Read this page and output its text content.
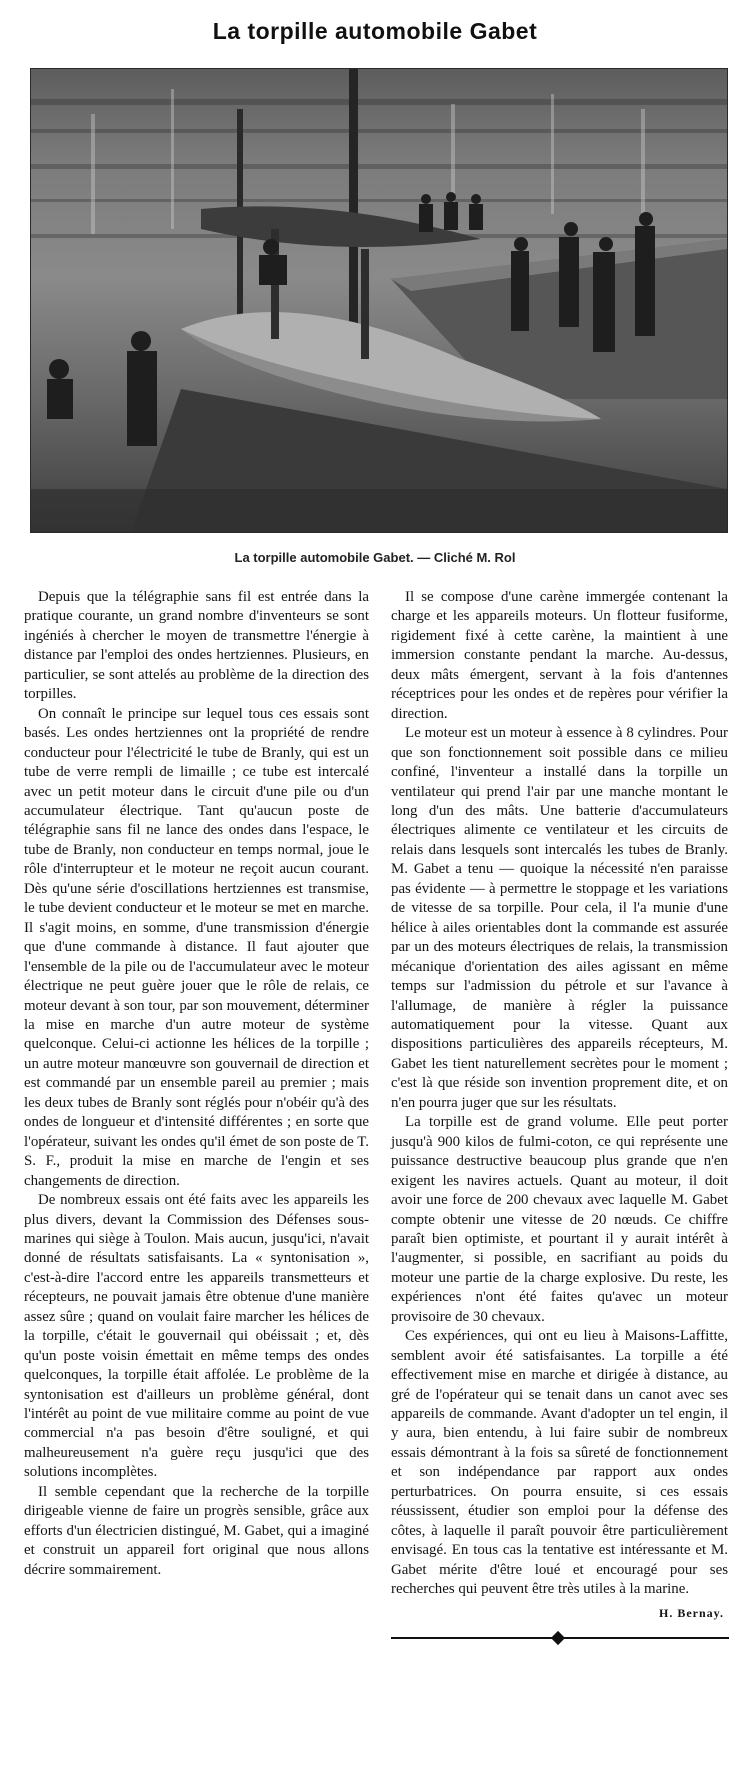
La torpille automobile Gabet
La torpille automobile Gabet. — Cliché M. Rol

Depuis que la télégraphie sans fil est entrée dans la pratique courante, un grand nombre d'inventeurs se sont ingéniés à chercher le moyen de transmettre l'énergie à distance par l'emploi des ondes hertziennes. Plusieurs, en particulier, se sont attelés au problème de la direction des torpilles.

On connaît le principe sur lequel tous ces essais sont basés. Les ondes hertziennes ont la propriété de rendre conducteur pour l'électricité le tube de Branly, qui est un tube de verre rempli de limaille ; ce tube est intercalé avec un petit moteur dans le circuit d'une pile ou d'un accumulateur électrique. Tant qu'aucun poste de télégraphie sans fil ne lance des ondes dans l'espace, le tube de Branly, non conducteur en temps normal, joue le rôle d'interrupteur et le moteur ne reçoit aucun courant. Dès qu'une série d'oscillations hertziennes est transmise, le tube devient conducteur et le moteur se met en marche. Il s'agit moins, en somme, d'une transmission d'énergie que d'une commande à distance. Il faut ajouter que l'ensemble de la pile ou de l'accumulateur avec le moteur électrique ne peut guère jouer que le rôle de relais, ce moteur devant à son tour, par son mouvement, déterminer la mise en marche d'un autre moteur de système quelconque. Celui-ci actionne les hélices de la torpille ; un autre moteur manœuvre son gouvernail de direction et est commandé par un ensemble pareil au premier ; mais les deux tubes de Branly sont réglés pour n'obéir qu'à des ondes de longueur et d'intensité différentes ; en sorte que l'opérateur, suivant les ondes qu'il émet de son poste de T. S. F., produit la mise en marche de l'engin et ses changements de direction.

De nombreux essais ont été faits avec les appareils les plus divers, devant la Commission des Défenses sous-marines qui siège à Toulon. Mais aucun, jusqu'ici, n'avait donné de résultats satisfaisants. La « syntonisation », c'est-à-dire l'accord entre les appareils transmetteurs et récepteurs, ne pouvait jamais être obtenue d'une manière assez sûre ; quand on voulait faire marcher les hélices de la torpille, c'était le gouvernail qui obéissait ; et, dès qu'un poste voisin émettait en même temps des ondes quelconques, la torpille était affolée. Le problème de la syntonisation est d'ailleurs un problème général, dont l'intérêt au point de vue militaire comme au point de vue commercial n'a pas besoin d'être souligné, et qui malheureusement n'a guère reçu jusqu'ici que des solutions incomplètes.

Il semble cependant que la recherche de la torpille dirigeable vienne de faire un progrès sensible, grâce aux efforts d'un électricien distingué, M. Gabet, qui a imaginé et construit un appareil fort original que nous allons décrire sommairement.

Il se compose d'une carène immergée contenant la charge et les appareils moteurs. Un flotteur fusiforme, rigidement fixé à cette carène, la maintient à une immersion constante pendant la marche. Au-dessus, deux mâts émergent, servant à la fois d'antennes réceptrices pour les ondes et de repères pour vérifier la direction.

Le moteur est un moteur à essence à 8 cylindres. Pour que son fonctionnement soit possible dans ce milieu confiné, l'inventeur a installé dans la torpille un ventilateur qui prend l'air par une manche montant le long d'un des mâts. Une batterie d'accumulateurs électriques alimente ce ventilateur et les circuits de relais dans lesquels sont intercalés les tubes de Branly. M. Gabet a tenu — quoique la nécessité n'en paraisse pas évidente — à permettre le stoppage et les variations de vitesse de sa torpille. Pour cela, il l'a munie d'une hélice à ailes orientables dont la commande est assurée par un des moteurs électriques de relais, la transmission mécanique d'orientation des ailes agissant en même temps sur l'admission du pétrole et sur l'avance à l'allumage, de manière à régler la puissance automatiquement pour la vitesse. Quant aux dispositions particulières des appareils récepteurs, M. Gabet les tient naturellement secrètes pour le moment ; c'est là que réside son invention proprement dite, et on n'en pourra juger que sur les résultats.

La torpille est de grand volume. Elle peut porter jusqu'à 900 kilos de fulmi-coton, ce qui représente une puissance destructive beaucoup plus grande que n'en exigent les navires actuels. Quant au moteur, il doit avoir une force de 200 chevaux avec laquelle M. Gabet compte obtenir une vitesse de 20 nœuds. Ce chiffre paraît bien optimiste, et pourtant il y aurait intérêt à l'augmenter, si possible, en sacrifiant au poids du moteur une partie de la charge explosive. Du reste, les expériences n'ont été faites qu'avec un moteur provisoire de 30 chevaux.

Ces expériences, qui ont eu lieu à Maisons-Laffitte, semblent avoir été satisfaisantes. La torpille a été effectivement mise en marche et dirigée à distance, au gré de l'opérateur qui se tenait dans un canot avec ses appareils de commande. Avant d'adopter un tel engin, il y aura, bien entendu, à lui faire subir de nombreux essais démontrant à la fois sa sûreté de fonctionnement et son indépendance par rapport aux ondes perturbatrices. On pourra ensuite, si ces essais réussissent, étudier son emploi pour la défense des côtes, à laquelle il paraît pouvoir être particulièrement envisagé. En tous cas la tentative est intéressante et M. Gabet mérite d'être loué et encouragé pour ses recherches qui peuvent être très utiles à la marine.

H. Bernay.
